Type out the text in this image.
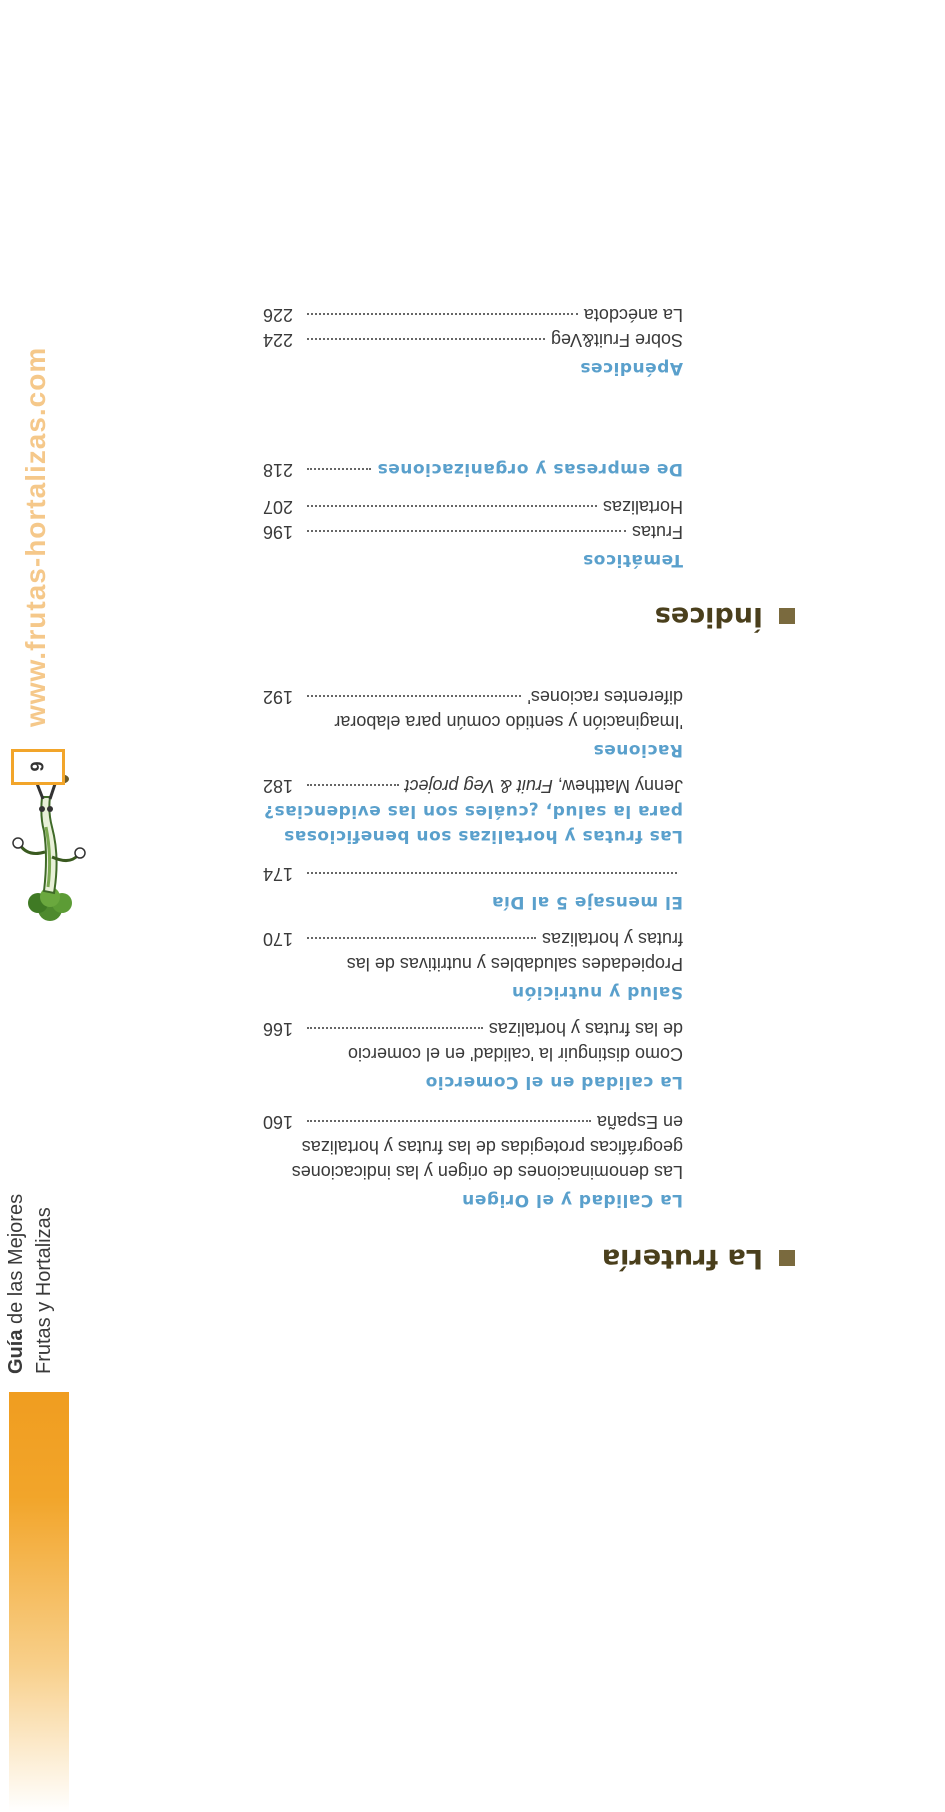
Guía de las Mejores Frutas y Hortalizas
9
www.frutas-hortalizas.com
La frutería
La Calidad y el Origen
Las denominaciones de origen y las indicaciones
geográficas protegidas de las frutas y hortalizas
en España
160
La calidad en el Comercio
Como distinguir la 'calidad' en el comercio
de las frutas y hortalizas
166
Salud y nutrición
Propiedades saludables y nutritivas de las
frutas y hortalizas
170
El mensaje 5 al Día
174
Las frutas y hortalizas son beneficiosas
para la salud, ¿cuáles son las evidencias?
Jenny Matthew, Fruit & Veg project
182
Raciones
'Imaginación y sentido común para elaborar
diferentes raciones'
192
Índices
Temáticos
Frutas
196
Hortalizas
207
De empresas y organizaciones
218
Apéndices
Sobre Fruit&Veg
224
La anécdota
226
